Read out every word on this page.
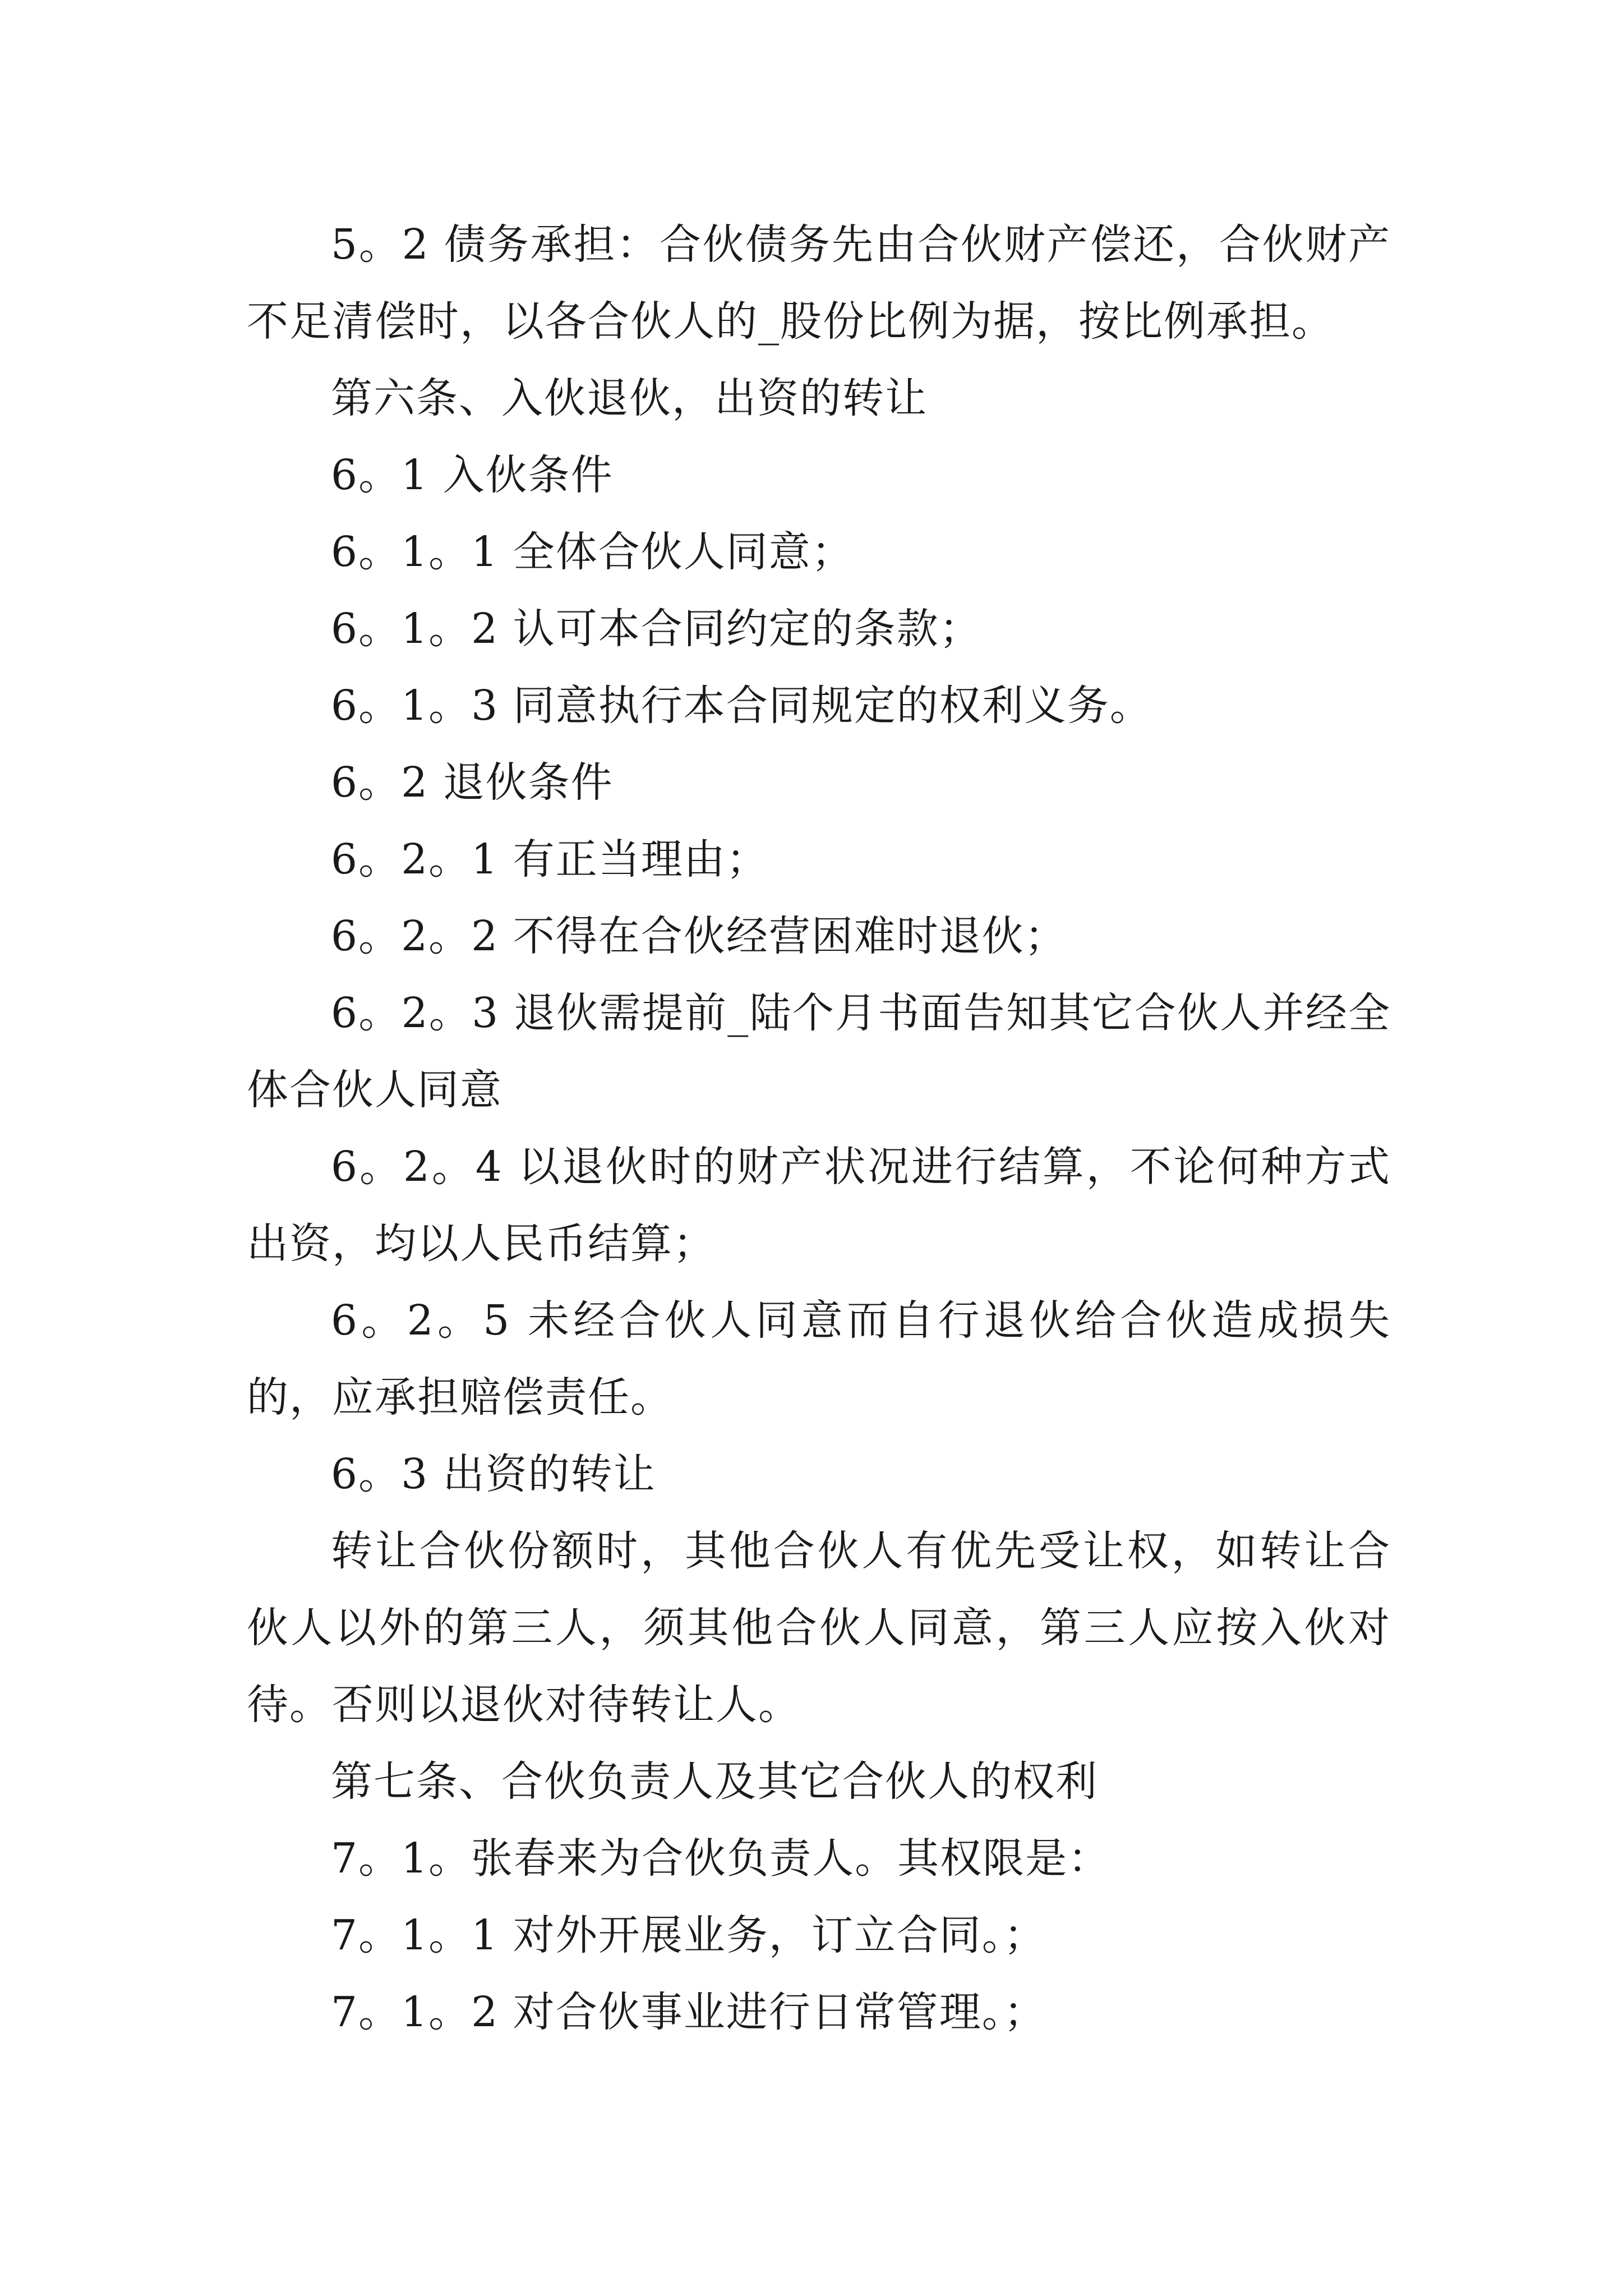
5。2 债务承担：合伙债务先由合伙财产偿还，合伙财产不足清偿时，以各合伙人的_股份比例为据，按比例承担。

第六条、入伙退伙，出资的转让

6。1 入伙条件

6。1。1 全体合伙人同意；

6。1。2 认可本合同约定的条款；

6。1。3 同意执行本合同规定的权利义务。

6。2 退伙条件

6。2。1 有正当理由；

6。2。2 不得在合伙经营困难时退伙；

6。2。3 退伙需提前_陆个月书面告知其它合伙人并经全体合伙人同意

6。2。4 以退伙时的财产状况进行结算，不论何种方式出资，均以人民币结算；

6。2。5 未经合伙人同意而自行退伙给合伙造成损失的，应承担赔偿责任。

6。3 出资的转让

转让合伙份额时，其他合伙人有优先受让权，如转让合伙人以外的第三人，须其他合伙人同意，第三人应按入伙对待。否则以退伙对待转让人。

第七条、合伙负责人及其它合伙人的权利

7。1。张春来为合伙负责人。其权限是：

7。1。1 对外开展业务，订立合同。；

7。1。2 对合伙事业进行日常管理。；
